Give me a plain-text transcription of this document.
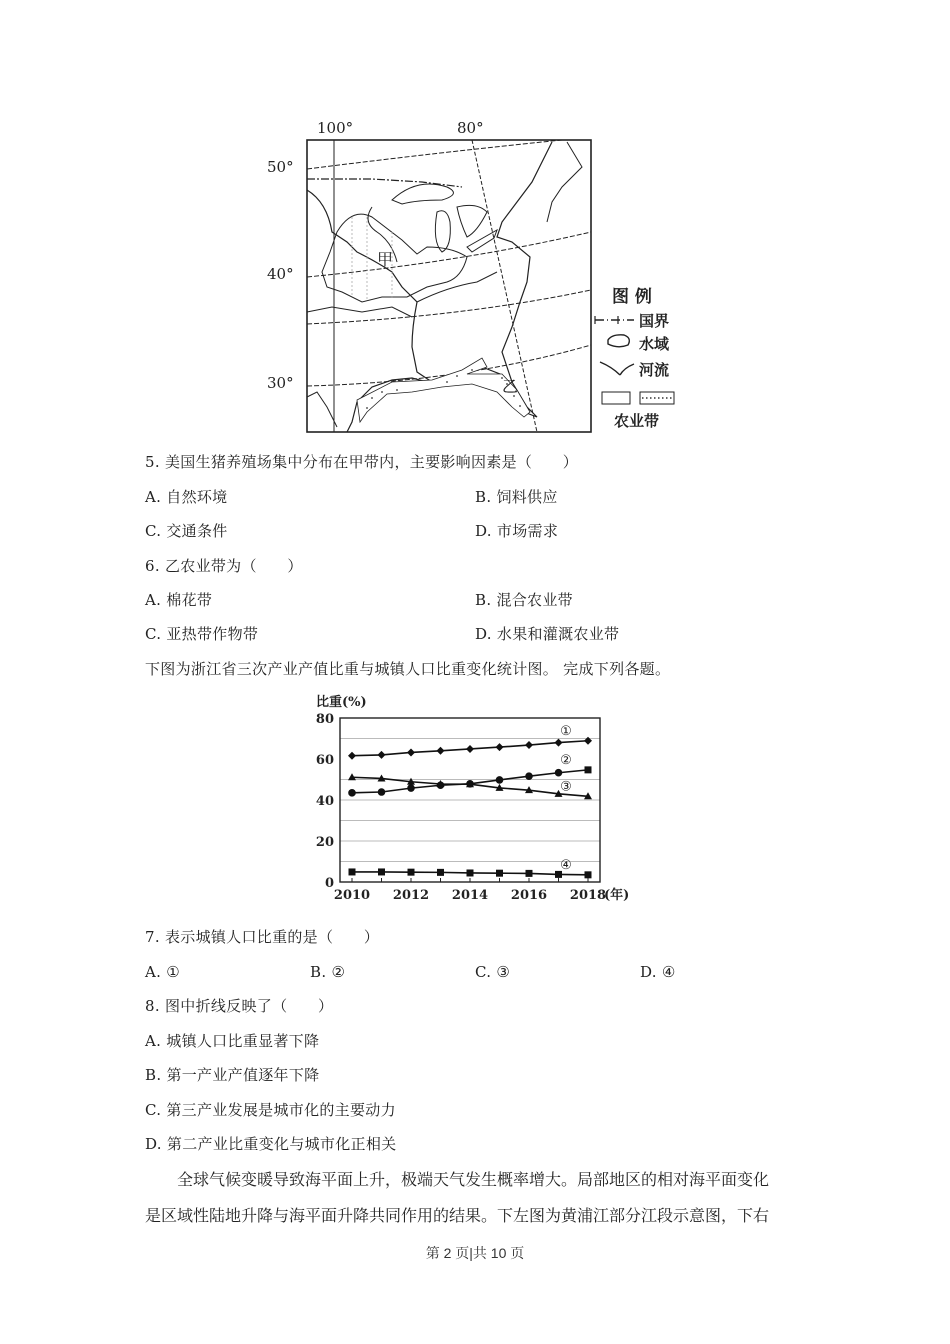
100°	80°
50°
40°
30°
甲
乙
图 例
国界
水域
河流
农业带
5. 美国生猪养殖场集中分布在甲带内，主要影响因素是（　　）
A. 自然环境	B. 饲料供应
C. 交通条件	D. 市场需求
6. 乙农业带为（　　）
A. 棉花带	B. 混合农业带
C. 亚热带作物带	D. 水果和灌溉农业带
下图为浙江省三次产业产值比重与城镇人口比重变化统计图。 完成下列各题。
0
20
40
60
80
2010 2012 2014 2016 2018
(年)
比重(%)
①
②
③
④
7. 表示城镇人口比重的是（　　）
A. ①	B. ②	C. ③	D. ④
8. 图中折线反映了（　　）
A. 城镇人口比重显著下降
B. 第一产业产值逐年下降
C. 第三产业发展是城市化的主要动力
D. 第二产业比重变化与城市化正相关
全球气候变暖导致海平面上升，极端天气发生概率增大。局部地区的相对海平面变化
是区域性陆地升降与海平面升降共同作用的结果。下左图为黄浦江部分江段示意图，下右
第 2 页|共 10 页
